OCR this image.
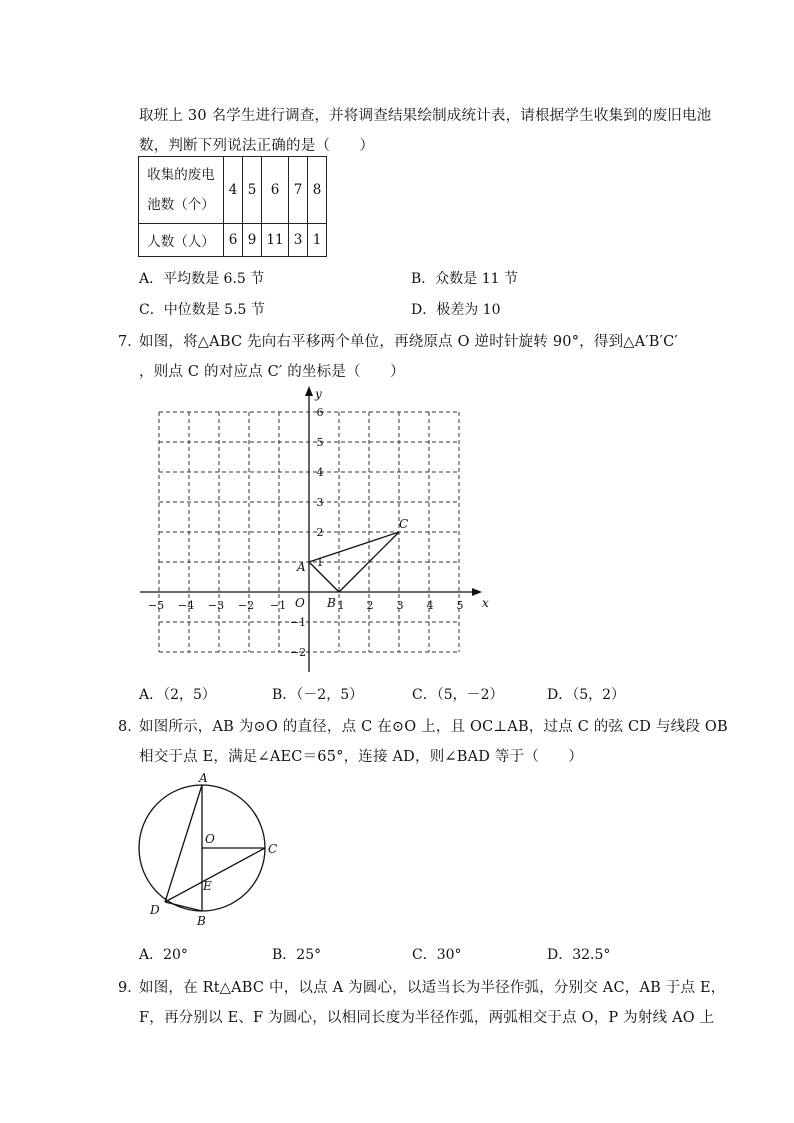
取班上 30 名学生进行调查，并将调查结果绘制成统计表，请根据学生收集到的废旧电池
数，判断下列说法正确的是（　　）
收集的废电池数（个）	4	5	6	7	8
人数（人）	6	9	11	3	1
A．平均数是 6.5 节	B．众数是 11 节
C．中位数是 5.5 节	D．极差为 10
7．
如图，将△ABC 先向右平移两个单位，再绕原点 O 逆时针旋转 90°，得到△A′B′C′
，则点 C 的对应点 C′ 的坐标是（　　）
x
y
O
A
B
C
−5 −4 −3 −2 −1	1 2 3 4 5
6
5
4
3
2
1
−1
−2
A
O
C
E
D
B
A．（2，5）	B．（－2，5）	C．（5，－2）	D．（5，2）
8．
如图所示，AB 为⊙O 的直径，点 C 在⊙O 上，且 OC⊥AB，过点 C 的弦 CD 与线段 OB
相交于点 E，满足∠AEC＝65°，连接 AD，则∠BAD 等于（　　）
A．20°	B．25°	C．30°	D．32.5°
9．
如图，在 Rt△ABC 中，以点 A 为圆心，以适当长为半径作弧，分别交 AC，AB 于点 E，
F，再分别以 E、F 为圆心，以相同长度为半径作弧，两弧相交于点 O，P 为射线 AO 上
